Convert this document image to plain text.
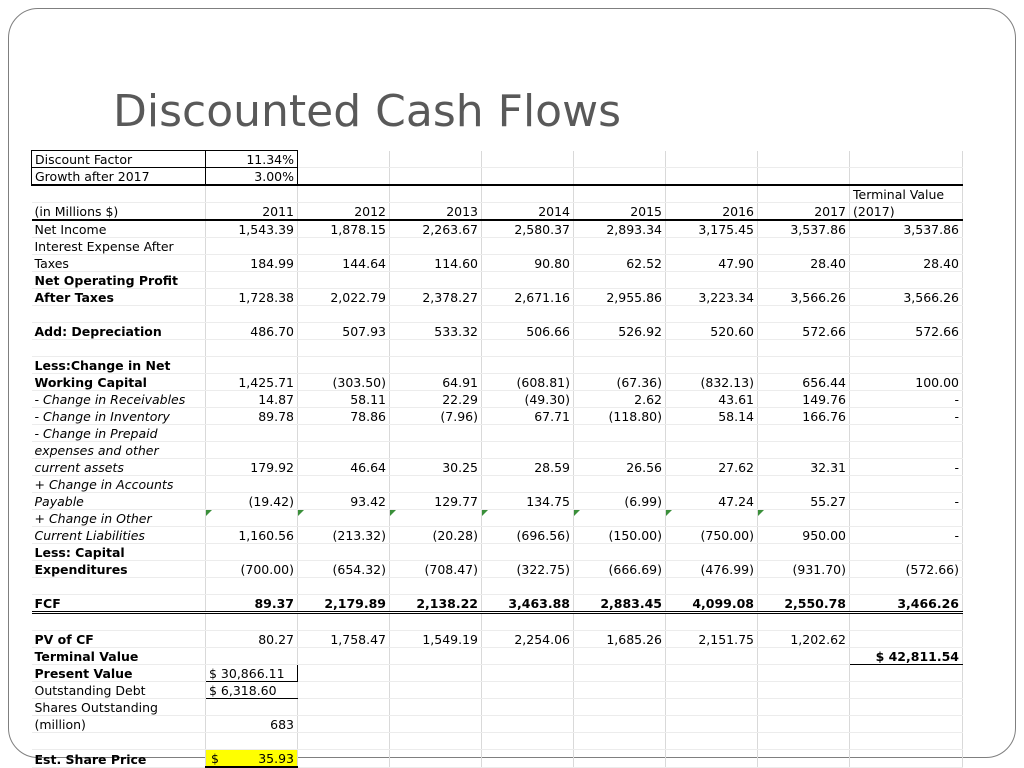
Discounted Cash Flows
Discount Factor	11.34%							
Growth after 2017	3.00%							
								Terminal Value
(in Millions $)	2011	2012	2013	2014	2015	2016	2017	(2017)
Net Income	1,543.39	1,878.15	2,263.67	2,580.37	2,893.34	3,175.45	3,537.86	3,537.86
Interest Expense After								
Taxes	184.99	144.64	114.60	90.80	62.52	47.90	28.40	28.40
Net Operating Profit								
After Taxes	1,728.38	2,022.79	2,378.27	2,671.16	2,955.86	3,223.34	3,566.26	3,566.26

Add: Depreciation	486.70	507.93	533.32	506.66	526.92	520.60	572.66	572.66

Less:Change in Net								
Working Capital	1,425.71	(303.50)	64.91	(608.81)	(67.36)	(832.13)	656.44	100.00
- Change in Receivables	14.87	58.11	22.29	(49.30)	2.62	43.61	149.76	-
- Change in Inventory	89.78	78.86	(7.96)	67.71	(118.80)	58.14	166.76	-
- Change in Prepaid								
expenses and other								
current assets	179.92	46.64	30.25	28.59	26.56	27.62	32.31	-
+ Change in Accounts								
Payable	(19.42)	93.42	129.77	134.75	(6.99)	47.24	55.27	-
+ Change in Other	

Current Liabilities	1,160.56	(213.32)	(20.28)	(696.56)	(150.00)	(750.00)	950.00	-
Less: Capital								
Expenditures	(700.00)	(654.32)	(708.47)	(322.75)	(666.69)	(476.99)	(931.70)	(572.66)

FCF	89.37	2,179.89	2,138.22	3,463.88	2,883.45	4,099.08	2,550.78	3,466.26

PV of CF	80.27	1,758.47	1,549.19	2,254.06	1,685.26	2,151.75	1,202.62	
Terminal Value								$ 42,811.54
Present Value	$ 30,866.11							
Outstanding Debt	$ 6,318.60							
Shares Outstanding								
(million)	683							

Est. Share Price	$ 35.93							
